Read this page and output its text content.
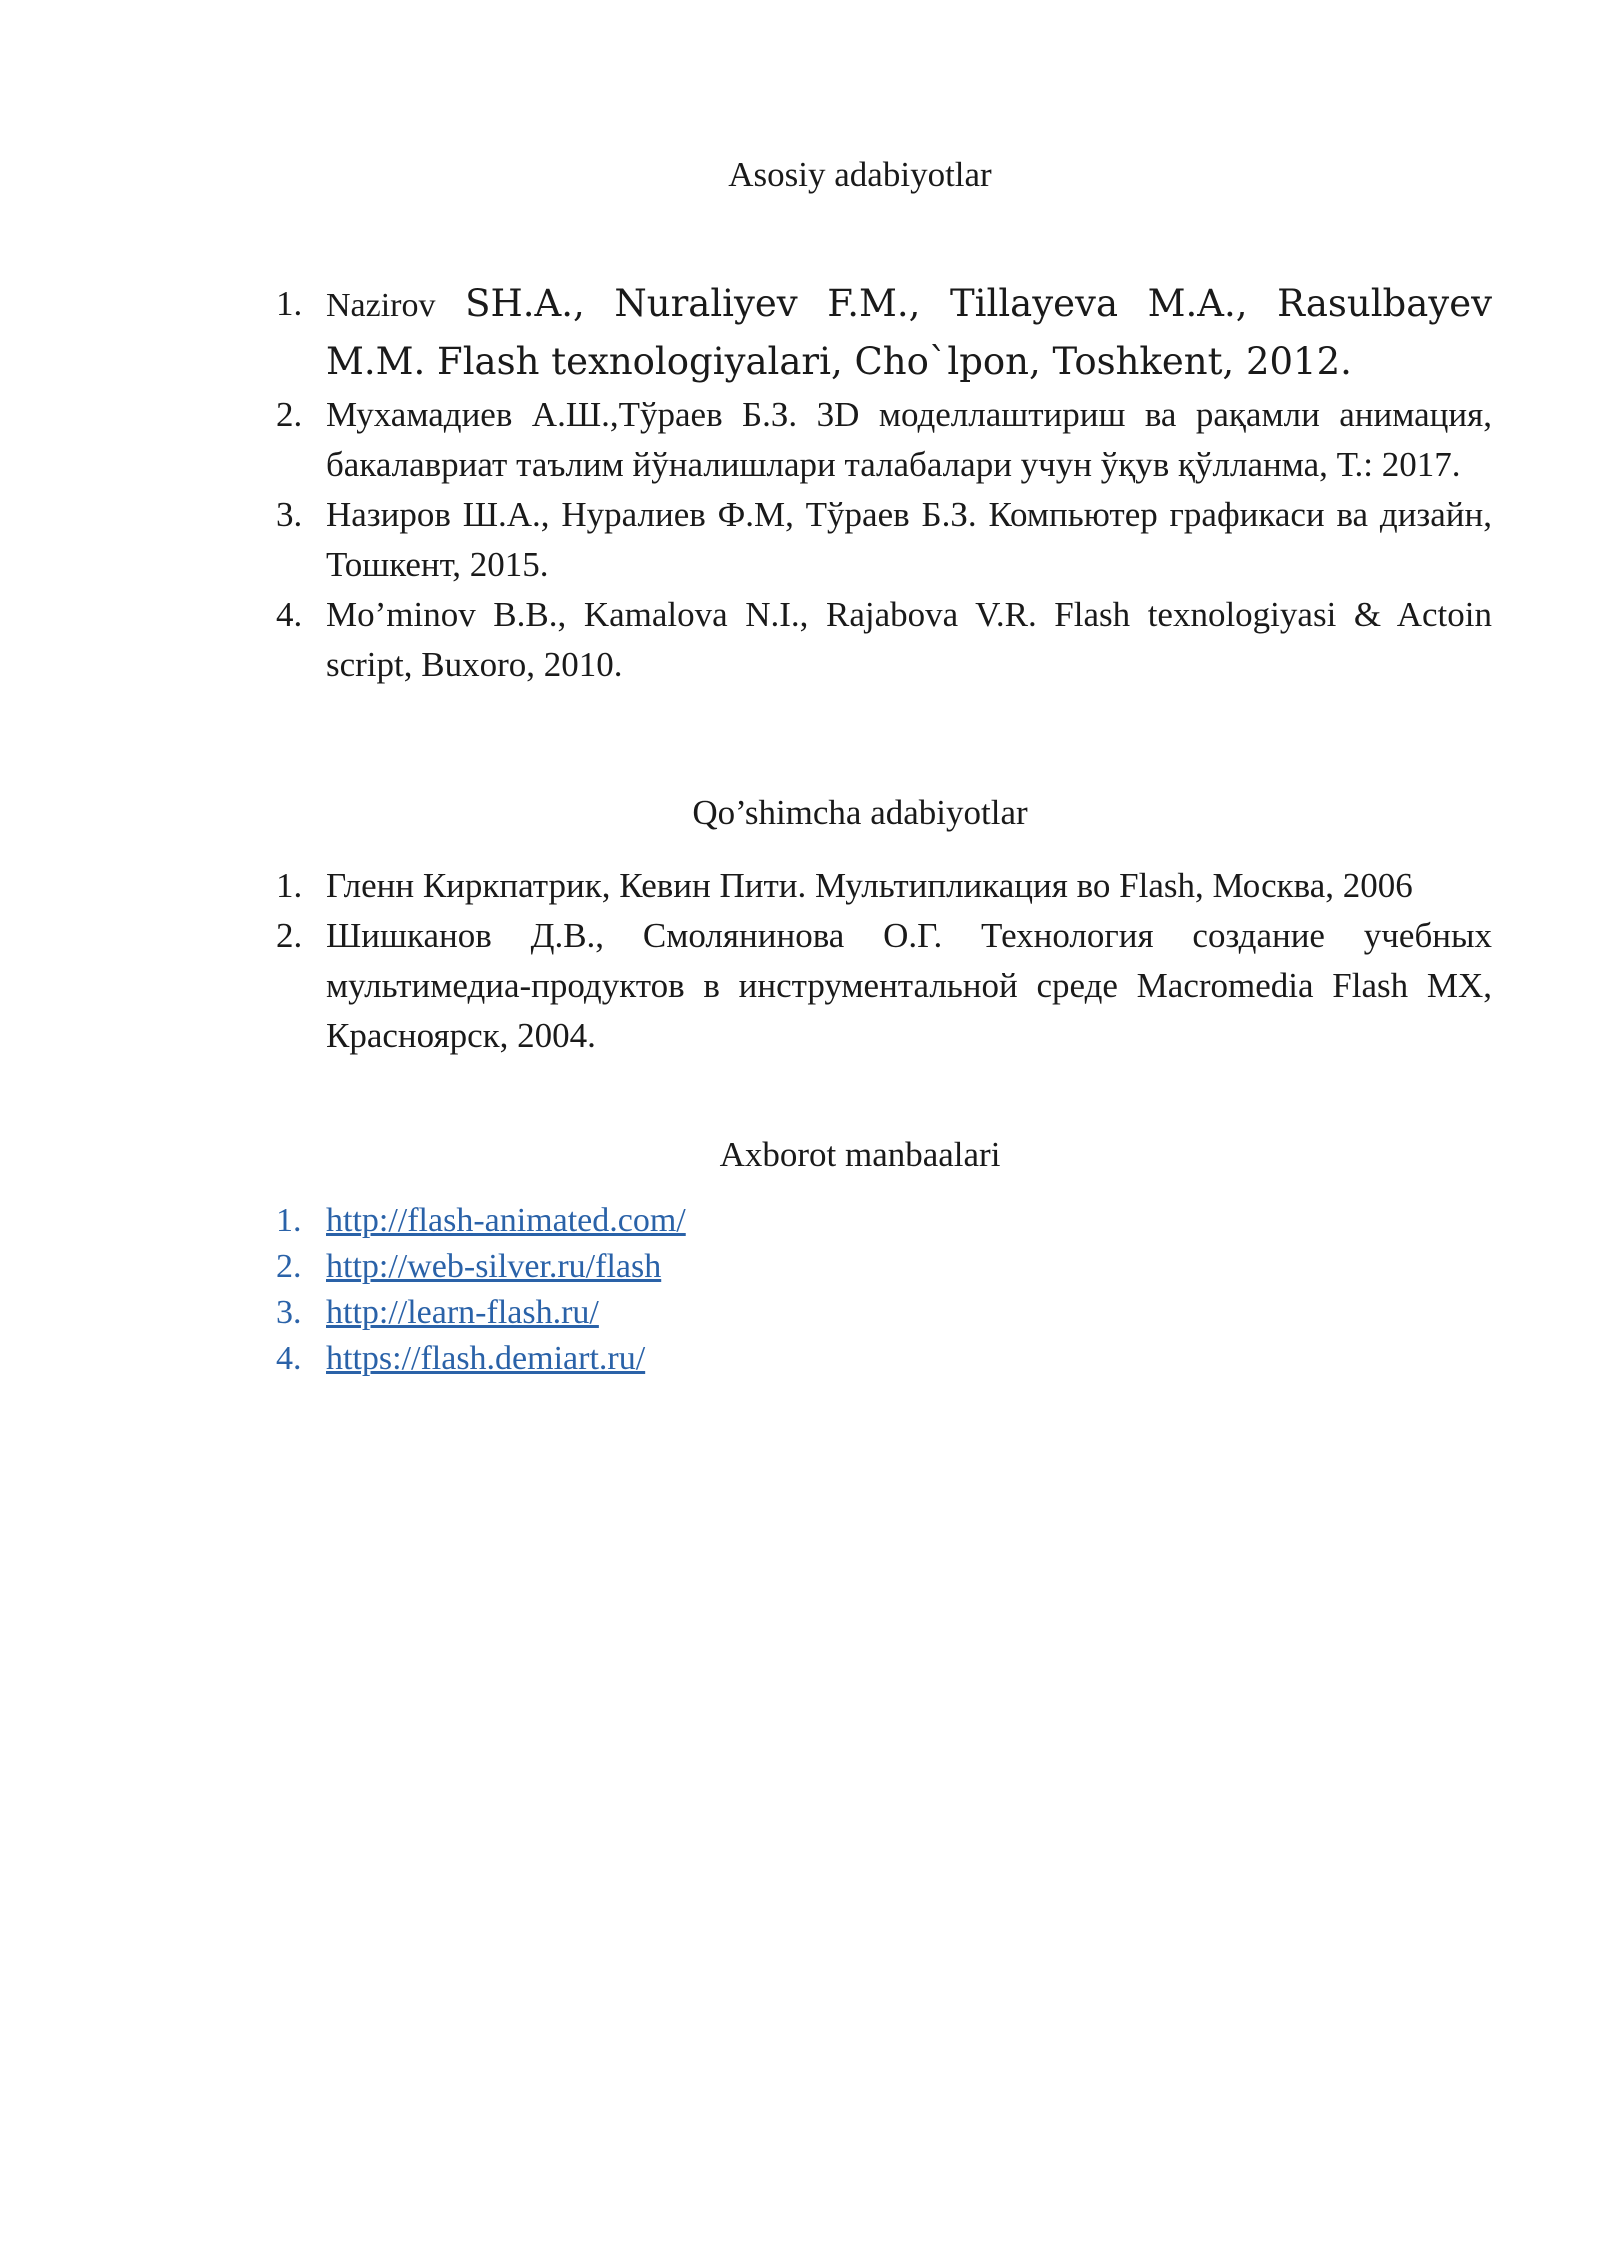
Asosiy adabiyotlar
1. Nazirov SH.A., Nuraliyev F.M., Tillayeva M.A., Rasulbayev M.M. Flash texnologiyalari, Cho`lpon, Toshkent, 2012.
2. Мухамадиев А.Ш.,Тўраев Б.З. 3D моделлаштириш ва рақамли анимация, бакалавриат таълим йўналишлари талабалари учун ўқув қўлланма, Т.: 2017.
3. Назиров Ш.А., Нуралиев Ф.М, Тўраев Б.З. Компьютер графикаси ва дизайн, Тошкент, 2015.
4. Mo’minov B.B., Kamalova N.I., Rajabova V.R. Flash texnologiyasi & Actoin script, Buxoro, 2010.
Qo’shimcha adabiyotlar
1. Гленн Киркпатрик, Кевин Пити. Мультипликация во Flash, Москва, 2006
2. Шишканов Д.В., Смолянинова О.Г. Технология создание учебных мультимедиа-продуктов в инструментальной среде Macromedia Flash MX, Красноярск, 2004.
Axborot manbaalari
1. http://flash-animated.com/
2. http://web-silver.ru/flash
3. http://learn-flash.ru/
4. https://flash.demiart.ru/
